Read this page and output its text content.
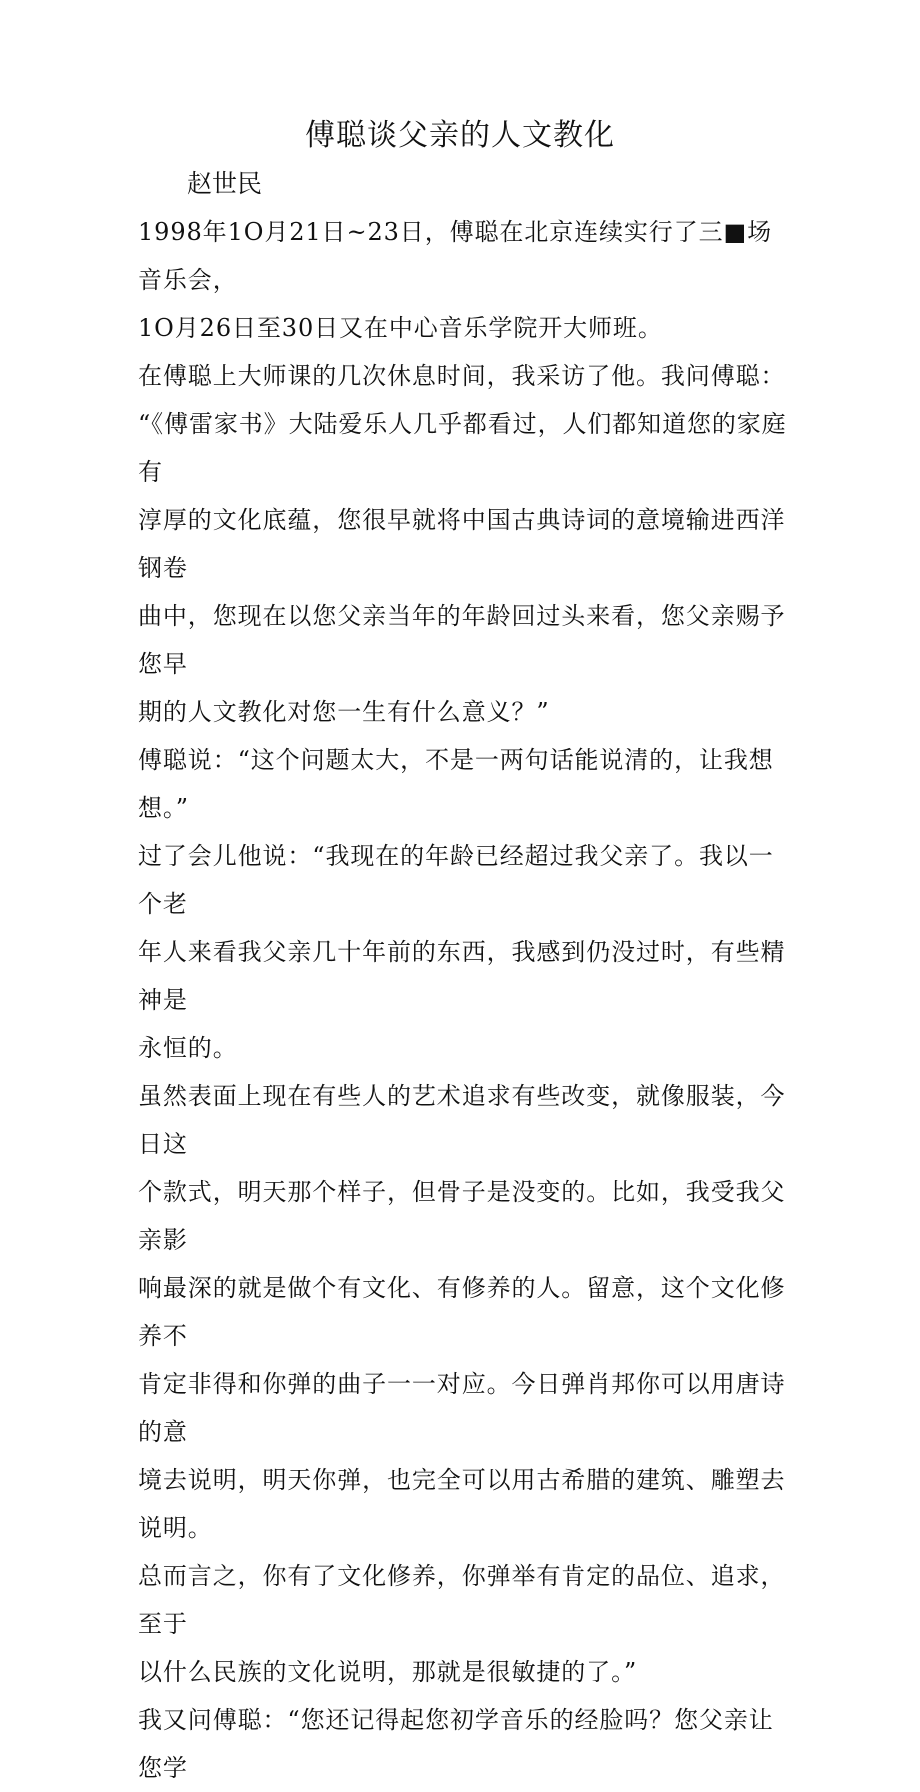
傅聪谈父亲的人文教化
赵世民

1998年1O月21日~23日，傅聪在北京连续实行了三■场音乐会，
1O月26日至30日又在中心音乐学院开大师班。

在傅聪上大师课的几次休息时间，我采访了他。我问傅聪：

“《傅雷家书》大陆爱乐人几乎都看过，人们都知道您的家庭有
淳厚的文化底蕴，您很早就将中国古典诗词的意境输进西洋钢卷
曲中，您现在以您父亲当年的年龄回过头来看，您父亲赐予您早
期的人文教化对您一生有什么意义？”

傅聪说：“这个问题太大，不是一两句话能说清的，让我想
想。”

过了会儿他说：“我现在的年龄已经超过我父亲了。我以一个老
年人来看我父亲几十年前的东西，我感到仍没过时，有些精神是
永恒的。

虽然表面上现在有些人的艺术追求有些改变，就像服装，今日这
个款式，明天那个样子，但骨子是没变的。比如，我受我父亲影
响最深的就是做个有文化、有修养的人。留意，这个文化修养不
肯定非得和你弹的曲子一一对应。今日弹肖邦你可以用唐诗的意
境去说明，明天你弹，也完全可以用古希腊的建筑、雕塑去说明。
总而言之，你有了文化修养，你弹举有肯定的品位、追求，至于
以什么民族的文化说明，那就是很敏捷的了。”

我又问傅聪：“您还记得起您初学音乐的经脸吗？您父亲让您学
